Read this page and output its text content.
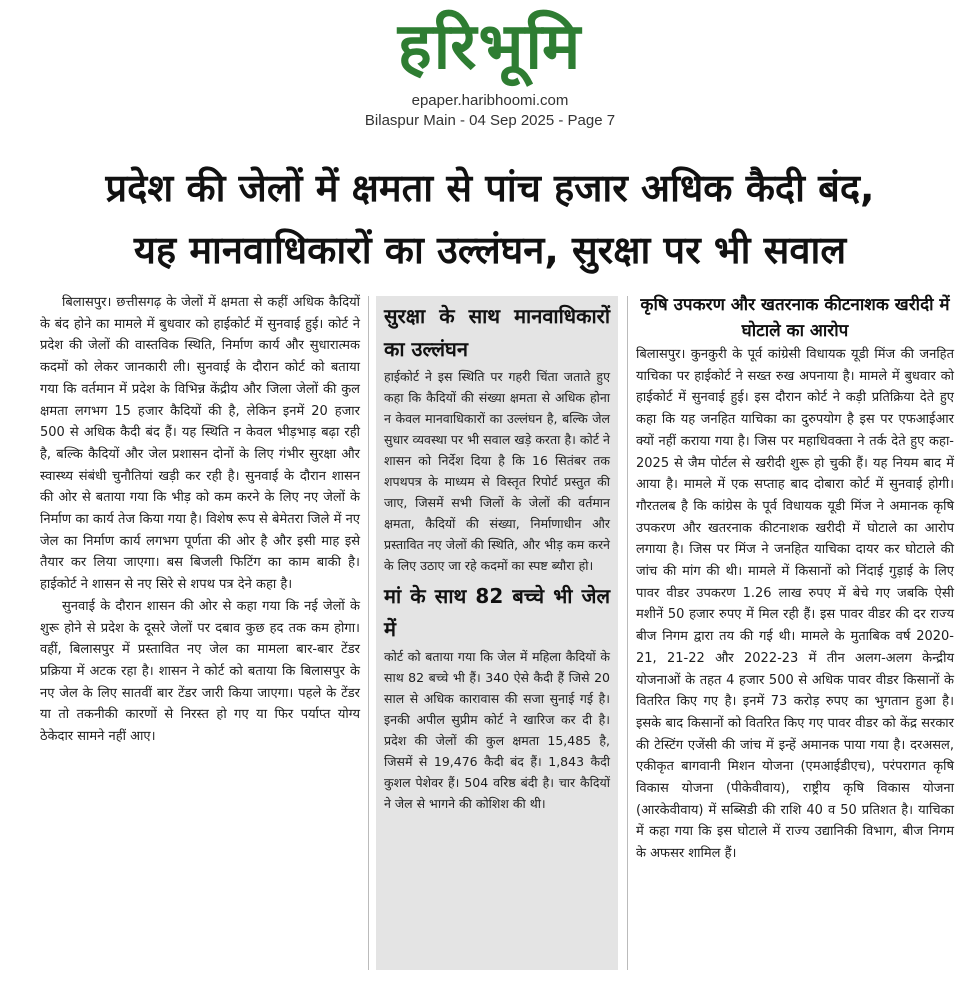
हरिभूमि
epaper.haribhoomi.com
Bilaspur Main - 04 Sep 2025 - Page 7
प्रदेश की जेलों में क्षमता से पांच हजार अधिक कैदी बंद,
यह मानवाधिकारों का उल्लंघन, सुरक्षा पर भी सवाल

बिलासपुर। छत्तीसगढ़ के जेलों में क्षमता से कहीं अधिक कैदियों के बंद होने का मामले में बुधवार को हाईकोर्ट में सुनवाई हुई। कोर्ट ने प्रदेश की जेलों की वास्तविक स्थिति, निर्माण कार्य और सुधारात्मक कदमों को लेकर जानकारी ली। सुनवाई के दौरान कोर्ट को बताया गया कि वर्तमान में प्रदेश के विभिन्न केंद्रीय और जिला जेलों की कुल क्षमता लगभग 15 हजार कैदियों की है, लेकिन इनमें 20 हजार 500 से अधिक कैदी बंद हैं। यह स्थिति न केवल भीड़भाड़ बढ़ा रही है, बल्कि कैदियों और जेल प्रशासन दोनों के लिए गंभीर सुरक्षा और स्वास्थ्य संबंधी चुनौतियां खड़ी कर रही है। सुनवाई के दौरान शासन की ओर से बताया गया कि भीड़ को कम करने के लिए नए जेलों के निर्माण का कार्य तेज किया गया है। विशेष रूप से बेमेतरा जिले में नए जेल का निर्माण कार्य लगभग पूर्णता की ओर है और इसी माह इसे तैयार कर लिया जाएगा। बस बिजली फिटिंग का काम बाकी है। हाईकोर्ट ने शासन से नए सिरे से शपथ पत्र देने कहा है।

सुनवाई के दौरान शासन की ओर से कहा गया कि नई जेलों के शुरू होने से प्रदेश के दूसरे जेलों पर दबाव कुछ हद तक कम होगा। वहीं, बिलासपुर में प्रस्तावित नए जेल का मामला बार-बार टेंडर प्रक्रिया में अटक रहा है। शासन ने कोर्ट को बताया कि बिलासपुर के नए जेल के लिए सातवीं बार टेंडर जारी किया जाएगा। पहले के टेंडर या तो तकनीकी कारणों से निरस्त हो गए या फिर पर्याप्त योग्य ठेकेदार सामने नहीं आए।

सुरक्षा के साथ मानवाधिकारों का उल्लंघन

हाईकोर्ट ने इस स्थिति पर गहरी चिंता जताते हुए कहा कि कैदियों की संख्या क्षमता से अधिक होना न केवल मानवाधिकारों का उल्लंघन है, बल्कि जेल सुधार व्यवस्था पर भी सवाल खड़े करता है। कोर्ट ने शासन को निर्देश दिया है कि 16 सितंबर तक शपथपत्र के माध्यम से विस्तृत रिपोर्ट प्रस्तुत की जाए, जिसमें सभी जिलों के जेलों की वर्तमान क्षमता, कैदियों की संख्या, निर्माणाधीन और प्रस्तावित नए जेलों की स्थिति, और भीड़ कम करने के लिए उठाए जा रहे कदमों का स्पष्ट ब्यौरा हो।

मां के साथ 82 बच्चे भी जेल में

कोर्ट को बताया गया कि जेल में महिला कैदियों के साथ 82 बच्चे भी हैं। 340 ऐसे कैदी हैं जिसे 20 साल से अधिक कारावास की सजा सुनाई गई है। इनकी अपील सुप्रीम कोर्ट ने खारिज कर दी है। प्रदेश की जेलों की कुल क्षमता 15,485 है, जिसमें से 19,476 कैदी बंद हैं। 1,843 कैदी कुशल पेशेवर हैं। 504 वरिष्ठ बंदी है। चार कैदियों ने जेल से भागने की कोशिश की थी।

कृषि उपकरण और खतरनाक कीटनाशक खरीदी में घोटाले का आरोप

बिलासपुर। कुनकुरी के पूर्व कांग्रेसी विधायक यूडी मिंज की जनहित याचिका पर हाईकोर्ट ने सख्त रुख अपनाया है। मामले में बुधवार को हाईकोर्ट में सुनवाई हुई। इस दौरान कोर्ट ने कड़ी प्रतिक्रिया देते हुए कहा कि यह जनहित याचिका का दुरुपयोग है इस पर एफआईआर क्यों नहीं कराया गया है। जिस पर महाधिवक्ता ने तर्क देते हुए कहा- 2025 से जैम पोर्टल से खरीदी शुरू हो चुकी हैं। यह नियम बाद में आया है। मामले में एक सप्ताह बाद दोबारा कोर्ट में सुनवाई होगी। गौरतलब है कि कांग्रेस के पूर्व विधायक यूडी मिंज ने अमानक कृषि उपकरण और खतरनाक कीटनाशक खरीदी में घोटाले का आरोप लगाया है। जिस पर मिंज ने जनहित याचिका दायर कर घोटाले की जांच की मांग की थी। मामले में किसानों को निंदाई गुड़ाई के लिए पावर वीडर उपकरण 1.26 लाख रुपए में बेचे गए जबकि ऐसी मशीनें 50 हजार रुपए में मिल रही हैं। इस पावर वीडर की दर राज्य बीज निगम द्वारा तय की गई थी। मामले के मुताबिक वर्ष 2020-21, 21-22 और 2022-23 में तीन अलग-अलग केन्द्रीय योजनाओं के तहत 4 हजार 500 से अधिक पावर वीडर किसानों के वितरित किए गए है। इनमें 73 करोड़ रुपए का भुगतान हुआ है। इसके बाद किसानों को वितरित किए गए पावर वीडर को केंद्र सरकार की टेस्टिंग एजेंसी की जांच में इन्हें अमानक पाया गया है। दरअसल, एकीकृत बागवानी मिशन योजना (एमआईडीएच), परंपरागत कृषि विकास योजना (पीकेवीवाय), राष्ट्रीय कृषि विकास योजना (आरकेवीवाय) में सब्सिडी की राशि 40 व 50 प्रतिशत है। याचिका में कहा गया कि इस घोटाले में राज्य उद्यानिकी विभाग, बीज निगम के अफसर शामिल हैं।
